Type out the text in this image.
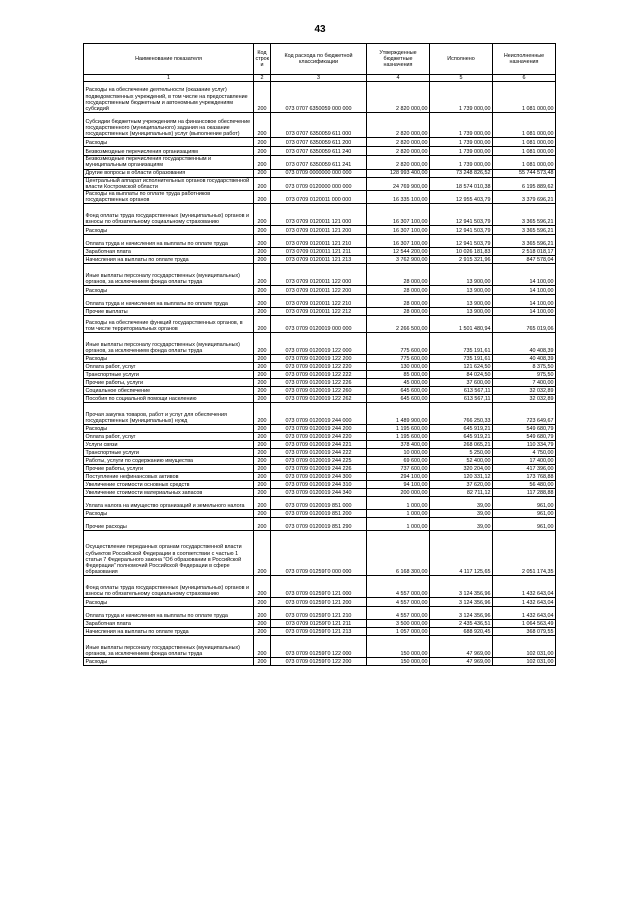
43
Наименование показателя	Код строк и	Код расхода по бюджетной классификации	Утвержденные бюджетные назначения	Исполнено	Неисполненные назначения
1	2	3	4	5	6
Расходы на обеспечение деятельности (оказание услуг) подведомственных учреждений, в том числе на предоставление государственным бюджетным и автономным учреждениям субсидий	200	073 0707 6350059 000 000	2 820 000,00	1 739 000,00	1 081 000,00
Субсидии бюджетным учреждениям на финансовое обеспечение государственного (муниципального) задания на оказание государственных (муниципальных) услуг (выполнение работ)	200	073 0707 6350059 611 000	2 820 000,00	1 739 000,00	1 081 000,00
Расходы	200	073 0707 6350059 611 200	2 820 000,00	1 739 000,00	1 081 000,00
Безвозмездные перечисления организациям	200	073 0707 6350059 611 240	2 820 000,00	1 739 000,00	1 081 000,00
Безвозмездные перечисления государственным и муниципальным организациям	200	073 0707 6350059 611 241	2 820 000,00	1 739 000,00	1 081 000,00
Другие вопросы в области образования	200	073 0709 0000000 000 000	128 993 400,00	73 248 826,52	55 744 573,48
Центральный аппарат исполнительных органов государственной власти Костромской области	200	073 0709 0120000 000 000	24 769 900,00	18 574 010,38	6 195 889,62
Расходы на выплаты по оплате труда работников государственных органов	200	073 0709 0120011 000 000	16 335 100,00	12 955 403,79	3 379 696,21
Фонд оплаты труда государственных (муниципальных) органов и взносы по обязательному социальному страхованию	200	073 0709 0120011 121 000	16 307 100,00	12 941 503,79	3 365 596,21
Расходы	200	073 0709 0120011 121 200	16 307 100,00	12 941 503,79	3 365 596,21
Оплата труда и начисления на выплаты по оплате труда	200	073 0709 0120011 121 210	16 307 100,00	12 941 503,79	3 365 596,21
Заработная плата	200	073 0709 0120011 121 211	12 544 200,00	10 026 181,83	2 518 018,17
Начисления на выплаты по оплате труда	200	073 0709 0120011 121 213	3 762 900,00	2 915 321,96	847 578,04
Иные выплаты персоналу государственных (муниципальных) органов, за исключением фонда оплаты труда	200	073 0709 0120011 122 000	28 000,00	13 900,00	14 100,00
Расходы	200	073 0709 0120011 122 200	28 000,00	13 900,00	14 100,00
Оплата труда и начисления на выплаты по оплате труда	200	073 0709 0120011 122 210	28 000,00	13 900,00	14 100,00
Прочие выплаты	200	073 0709 0120011 122 212	28 000,00	13 900,00	14 100,00
Расходы на обеспечение функций государственных органов, в том числе территориальных органов	200	073 0709 0120019 000 000	2 266 500,00	1 501 480,94	765 019,06
Иные выплаты персоналу государственных (муниципальных) органов, за исключением фонда оплаты труда	200	073 0709 0120019 122 000	775 600,00	735 191,61	40 408,39
Расходы	200	073 0709 0120019 122 200	775 600,00	735 191,61	40 408,39
Оплата работ, услуг	200	073 0709 0120019 122 220	130 000,00	121 624,50	8 375,50
Транспортные услуги	200	073 0709 0120019 122 222	85 000,00	84 024,50	975,50
Прочие работы, услуги	200	073 0709 0120019 122 226	45 000,00	37 600,00	7 400,00
Социальное обеспечение	200	073 0709 0120019 122 260	645 600,00	613 567,11	32 032,89
Пособия по социальной помощи населению	200	073 0709 0120019 122 262	645 600,00	613 567,11	32 032,89
Прочая закупка товаров, работ и услуг для обеспечения государственных (муниципальных) нужд	200	073 0709 0120019 244 000	1 489 900,00	766 250,33	723 649,67
Расходы	200	073 0709 0120019 244 200	1 195 600,00	645 919,21	549 680,79
Оплата работ, услуг	200	073 0709 0120019 244 220	1 195 600,00	645 919,21	549 680,79
Услуги связи	200	073 0709 0120019 244 221	378 400,00	268 065,21	110 334,79
Транспортные услуги	200	073 0709 0120019 244 222	10 000,00	5 250,00	4 750,00
Работы, услуги по содержанию имущества	200	073 0709 0120019 244 225	69 600,00	52 400,00	17 400,00
Прочие работы, услуги	200	073 0709 0120019 244 226	737 600,00	320 204,00	417 396,00
Поступление нефинансовых активов	200	073 0709 0120019 244 300	294 100,00	120 331,12	173 768,88
Увеличение стоимости основных средств	200	073 0709 0120019 244 310	94 100,00	37 620,00	56 480,00
Увеличение стоимости материальных запасов	200	073 0709 0120019 244 340	200 000,00	82 711,12	117 288,88
Уплата налога на имущество организаций и земельного налога	200	073 0709 0120019 851 000	1 000,00	39,00	961,00
Расходы	200	073 0709 0120019 851 200	1 000,00	39,00	961,00
Прочие расходы	200	073 0709 0120019 851 290	1 000,00	39,00	961,00
Осуществление переданных органам государственной власти субъектов Российской Федерации в соответствии с частью 1 статьи 7 Федерального закона "Об образовании в Российской Федерации" полномочий Российской Федерации в сфере образования	200	073 0709 01259Г0 000 000	6 168 300,00	4 117 125,65	2 051 174,35
Фонд оплаты труда государственных (муниципальных) органов и взносы по обязательному социальному страхованию	200	073 0709 01259Г0 121 000	4 557 000,00	3 124 356,96	1 432 643,04
Расходы	200	073 0709 01259Г0 121 200	4 557 000,00	3 124 356,96	1 432 643,04
Оплата труда и начисления на выплаты по оплате труда	200	073 0709 01259Г0 121 210	4 557 000,00	3 124 356,96	1 432 643,04
Заработная плата	200	073 0709 01259Г0 121 211	3 500 000,00	2 435 436,51	1 064 563,49
Начисления на выплаты по оплате труда	200	073 0709 01259Г0 121 213	1 057 000,00	688 920,45	368 079,55
Иные выплаты персоналу государственных (муниципальных) органов, за исключением фонда оплаты труда	200	073 0709 01259Г0 122 000	150 000,00	47 969,00	102 031,00
Расходы	200	073 0709 01259Г0 122 200	150 000,00	47 969,00	102 031,00
